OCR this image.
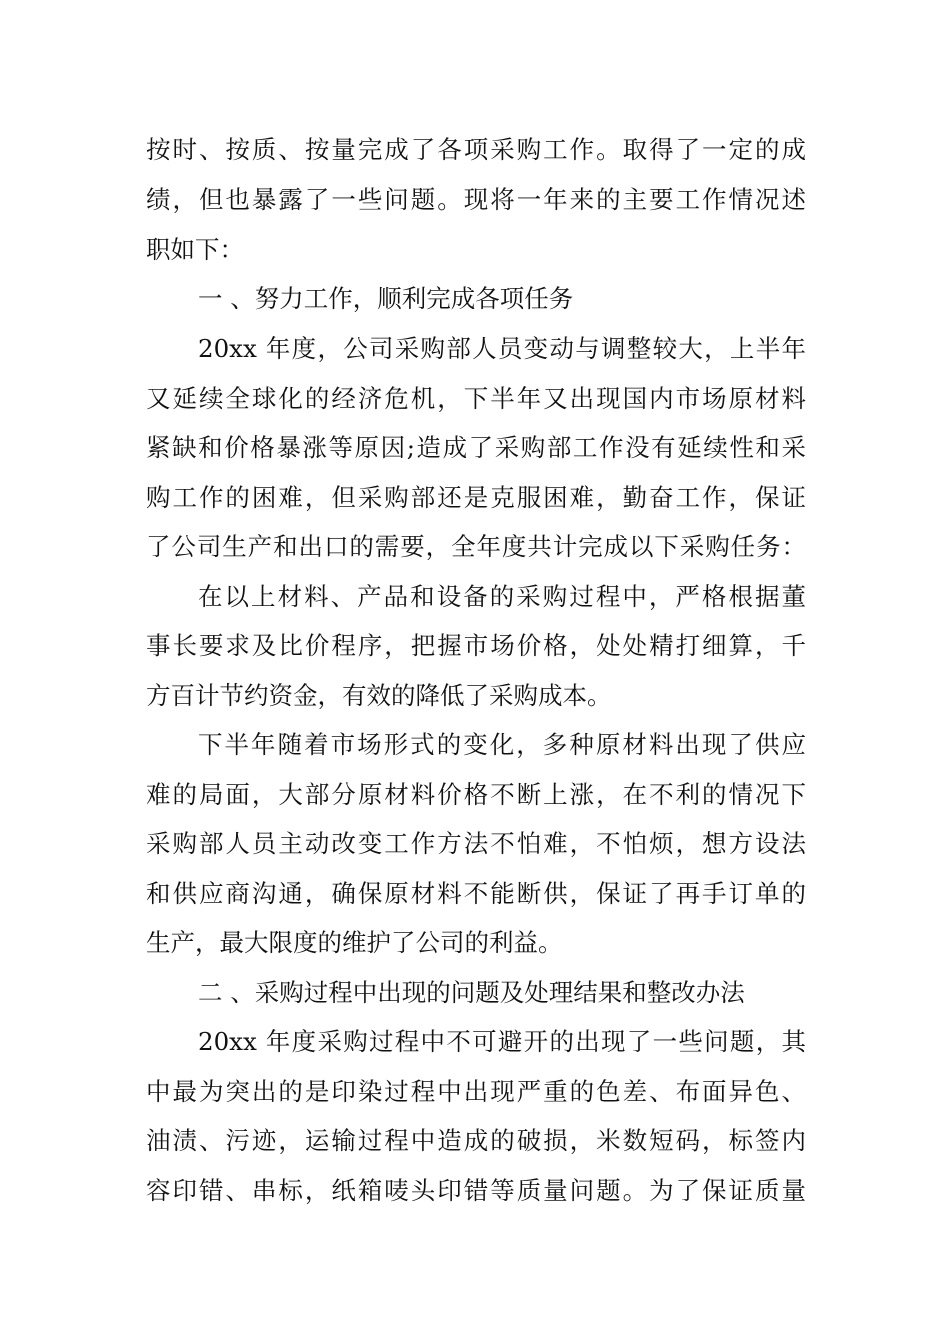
按时、按质、按量完成了各项采购工作。取得了一定的成
绩，但也暴露了一些问题。现将一年来的主要工作情况述
职如下：
一 、努力工作，顺利完成各项任务
20xx 年度，公司采购部人员变动与调整较大，上半年
又延续全球化的经济危机，下半年又出现国内市场原材料
紧缺和价格暴涨等原因;造成了采购部工作没有延续性和采
购工作的困难，但采购部还是克服困难，勤奋工作，保证
了公司生产和出口的需要，全年度共计完成以下采购任务：
在以上材料、产品和设备的采购过程中，严格根据董
事长要求及比价程序，把握市场价格，处处精打细算，千
方百计节约资金，有效的降低了采购成本。
下半年随着市场形式的变化，多种原材料出现了供应
难的局面，大部分原材料价格不断上涨，在不利的情况下
采购部人员主动改变工作方法不怕难，不怕烦，想方设法
和供应商沟通，确保原材料不能断供，保证了再手订单的
生产，最大限度的维护了公司的利益。
二 、采购过程中出现的问题及处理结果和整改办法
20xx 年度采购过程中不可避开的出现了一些问题，其
中最为突出的是印染过程中出现严重的色差、布面异色、
油渍、污迹，运输过程中造成的破损，米数短码，标签内
容印错、串标，纸箱唛头印错等质量问题。为了保证质量
